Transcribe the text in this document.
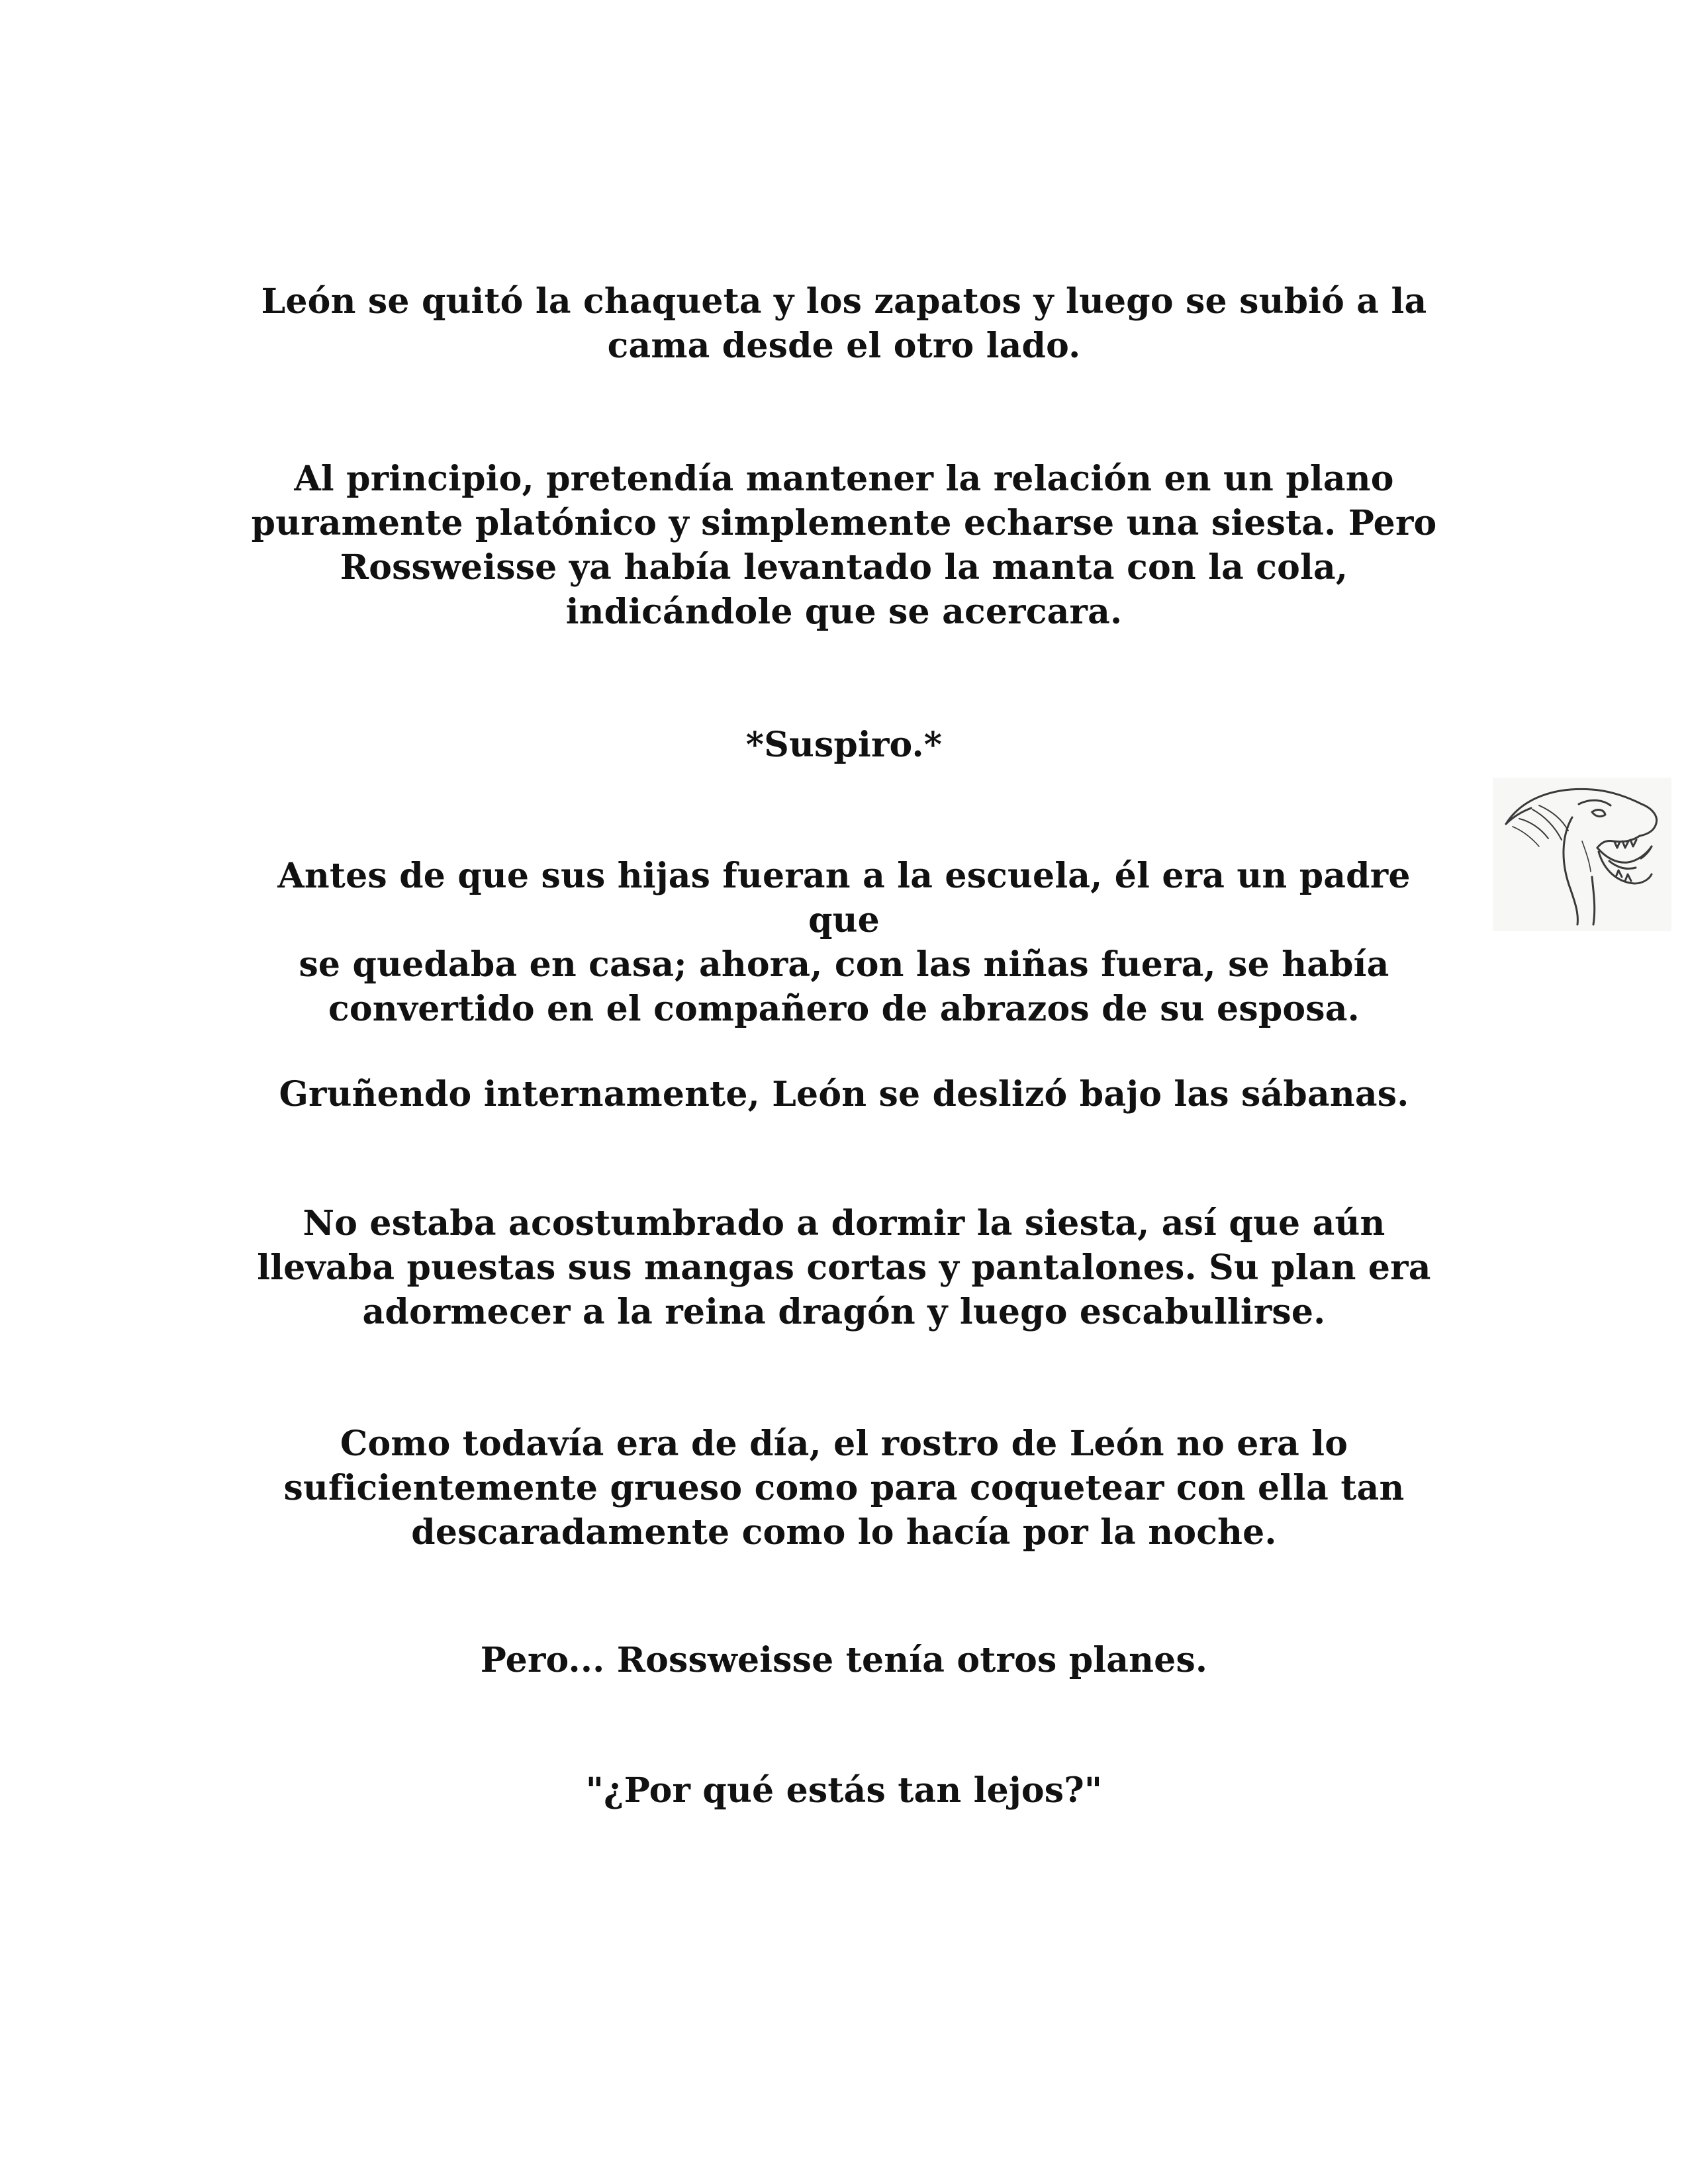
León se quitó la chaqueta y los zapatos y luego se subió a la
cama desde el otro lado.

Al principio, pretendía mantener la relación en un plano
puramente platónico y simplemente echarse una siesta. Pero
Rossweisse ya había levantado la manta con la cola,
indicándole que se acercara.

*Suspiro.*

Antes de que sus hijas fueran a la escuela, él era un padre que
se quedaba en casa; ahora, con las niñas fuera, se había
convertido en el compañero de abrazos de su esposa.

Gruñendo internamente, León se deslizó bajo las sábanas.

No estaba acostumbrado a dormir la siesta, así que aún
llevaba puestas sus mangas cortas y pantalones. Su plan era
adormecer a la reina dragón y luego escabullirse.

Como todavía era de día, el rostro de León no era lo
suficientemente grueso como para coquetear con ella tan
descaradamente como lo hacía por la noche.

Pero... Rossweisse tenía otros planes.

"¿Por qué estás tan lejos?"
